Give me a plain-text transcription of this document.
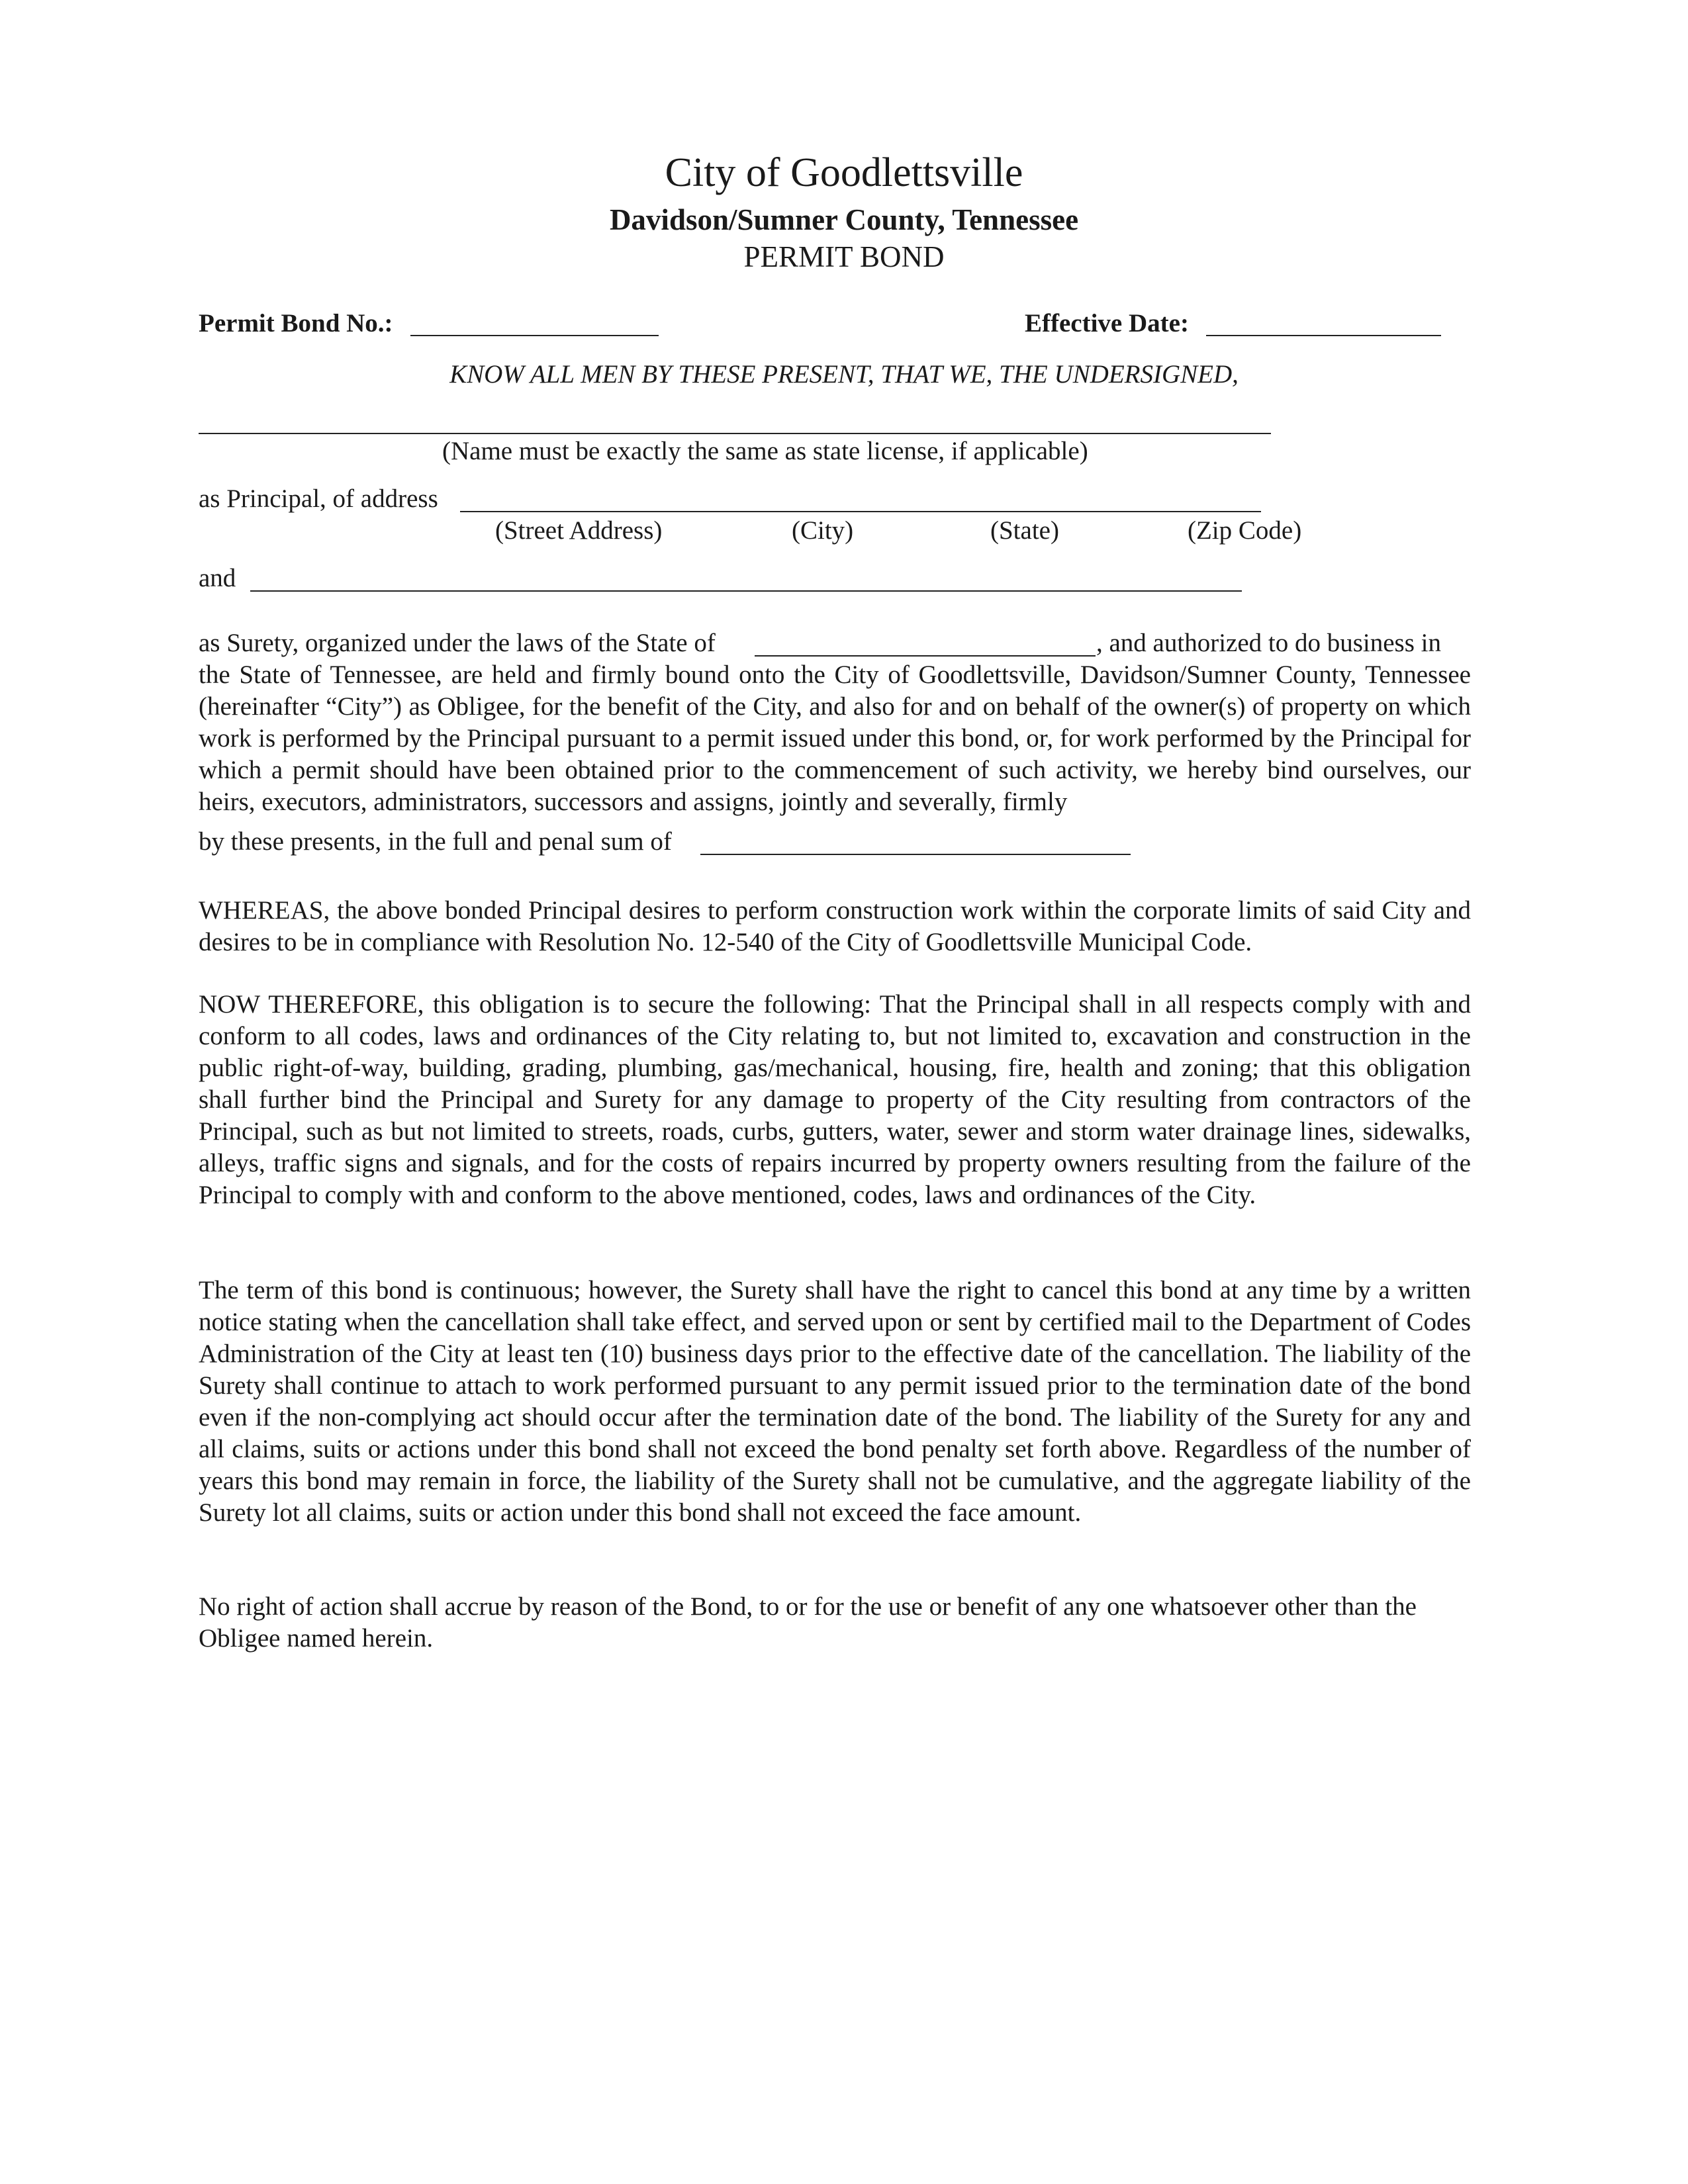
City of Goodlettsville
Davidson/Sumner County, Tennessee
PERMIT BOND
Permit Bond No.:	Effective Date:
KNOW ALL MEN BY THESE PRESENT, THAT WE, THE UNDERSIGNED,
(Name must be exactly the same as state license, if applicable)
as Principal, of address
(Street Address)	(City)	(State)	(Zip Code)
and
as Surety, organized under the laws of the State of	, and authorized to do business in
the State of Tennessee, are held and firmly bound onto the City of Goodlettsville, Davidson/Sumner County, Tennessee (hereinafter “City”) as Obligee, for the benefit of the City, and also for and on behalf of the owner(s) of property on which work is performed by the Principal pursuant to a permit issued under this bond, or, for work performed by the Principal for which a permit should have been obtained prior to the commencement of such activity, we hereby bind ourselves, our heirs, executors, administrators, successors and assigns, jointly and severally, firmly
by these presents, in the full and penal sum of
WHEREAS, the above bonded Principal desires to perform construction work within the corporate limits of said City and desires to be in compliance with Resolution No. 12-540 of the City of Goodlettsville Municipal Code.
NOW THEREFORE, this obligation is to secure the following: That the Principal shall in all respects comply with and conform to all codes, laws and ordinances of the City relating to, but not limited to, excavation and construction in the public right-of-way, building, grading, plumbing, gas/mechanical, housing, fire, health and zoning; that this obligation shall further bind the Principal and Surety for any damage to property of the City resulting from contractors of the Principal, such as but not limited to streets, roads, curbs, gutters, water, sewer and storm water drainage lines, sidewalks, alleys, traffic signs and signals, and for the costs of repairs incurred by property owners resulting from the failure of the Principal to comply with and conform to the above mentioned, codes, laws and ordinances of the City.
The term of this bond is continuous; however, the Surety shall have the right to cancel this bond at any time by a written notice stating when the cancellation shall take effect, and served upon or sent by certified mail to the Department of Codes Administration of the City at least ten (10) business days prior to the effective date of the cancellation. The liability of the Surety shall continue to attach to work performed pursuant to any permit issued prior to the termination date of the bond even if the non-complying act should occur after the termination date of the bond. The liability of the Surety for any and all claims, suits or actions under this bond shall not exceed the bond penalty set forth above. Regardless of the number of years this bond may remain in force, the liability of the Surety shall not be cumulative, and the aggregate liability of the Surety lot all claims, suits or action under this bond shall not exceed the face amount.
No right of action shall accrue by reason of the Bond, to or for the use or benefit of any one whatsoever other than the Obligee named herein.
